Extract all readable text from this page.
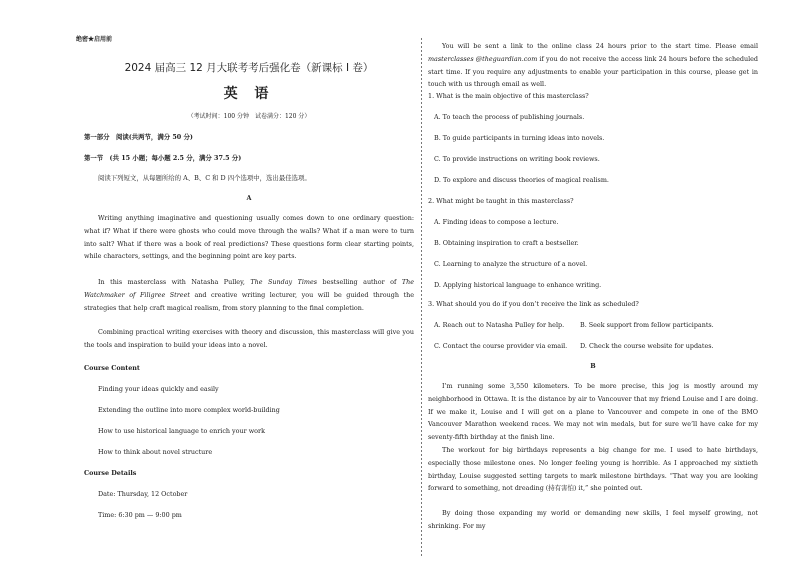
绝密★启用前

2024 届高三 12 月大联考考后强化卷（新课标 I 卷）

英 语

（考试时间：100 分钟　试卷满分：120 分）

第一部分　阅读(共两节，满分 50 分)

第一节　(共 15 小题；每小题 2.5 分，满分 37.5 分)

阅读下列短文，从每题所给的 A、B、C 和 D 四个选项中，选出最佳选项。

A

Writing anything imaginative and questioning usually comes down to one ordinary question: what if? What if there were ghosts who could move through the walls? What if a man were to turn into salt? What if there was a book of real predictions? These questions form clear starting points, while characters, settings, and the beginning point are key parts.

In this masterclass with Natasha Pulley, The Sunday Times bestselling author of The Watchmaker of Filigree Street and creative writing lecturer, you will be guided through the strategies that help craft magical realism, from story planning to the final completion.

Combining practical writing exercises with theory and discussion, this masterclass will give you the tools and inspiration to build your ideas into a novel.

Course Content

Finding your ideas quickly and easily

Extending the outline into more complex world-building

How to use historical language to enrich your work

How to think about novel structure

Course Details

Date: Thursday, 12 October

Time: 6:30 pm — 9:00 pm

You will be sent a link to the online class 24 hours prior to the start time. Please email masterclasses @theguardian.com if you do not receive the access link 24 hours before the scheduled start time. If you require any adjustments to enable your participation in this course, please get in touch with us through email as well.

1. What is the main objective of this masterclass?

A. To teach the process of publishing journals.

B. To guide participants in turning ideas into novels.

C. To provide instructions on writing book reviews.

D. To explore and discuss theories of magical realism.

2. What might be taught in this masterclass?

A. Finding ideas to compose a lecture.

B. Obtaining inspiration to craft a bestseller.

C. Learning to analyze the structure of a novel.

D. Applying historical language to enhance writing.

3. What should you do if you don’t receive the link as scheduled?

A. Reach out to Natasha Pulley for help. B. Seek support from fellow participants.

C. Contact the course provider via email. D. Check the course website for updates.

B

I’m running some 3,550 kilometers. To be more precise, this jog is mostly around my neighborhood in Ottawa. It is the distance by air to Vancouver that my friend Louise and I are doing. If we make it, Louise and I will get on a plane to Vancouver and compete in one of the BMO Vancouver Marathon weekend races. We may not win medals, but for sure we’ll have cake for my seventy-fifth birthday at the finish line.

The workout for big birthdays represents a big change for me. I used to hate birthdays, especially those milestone ones. No longer feeling young is horrible. As I approached my sixtieth birthday, Louise suggested setting targets to mark milestone birthdays. “That way you are looking forward to something, not dreading (持有害怕) it,” she pointed out.

By doing those expanding my world or demanding new skills, I feel myself growing, not shrinking. For my
